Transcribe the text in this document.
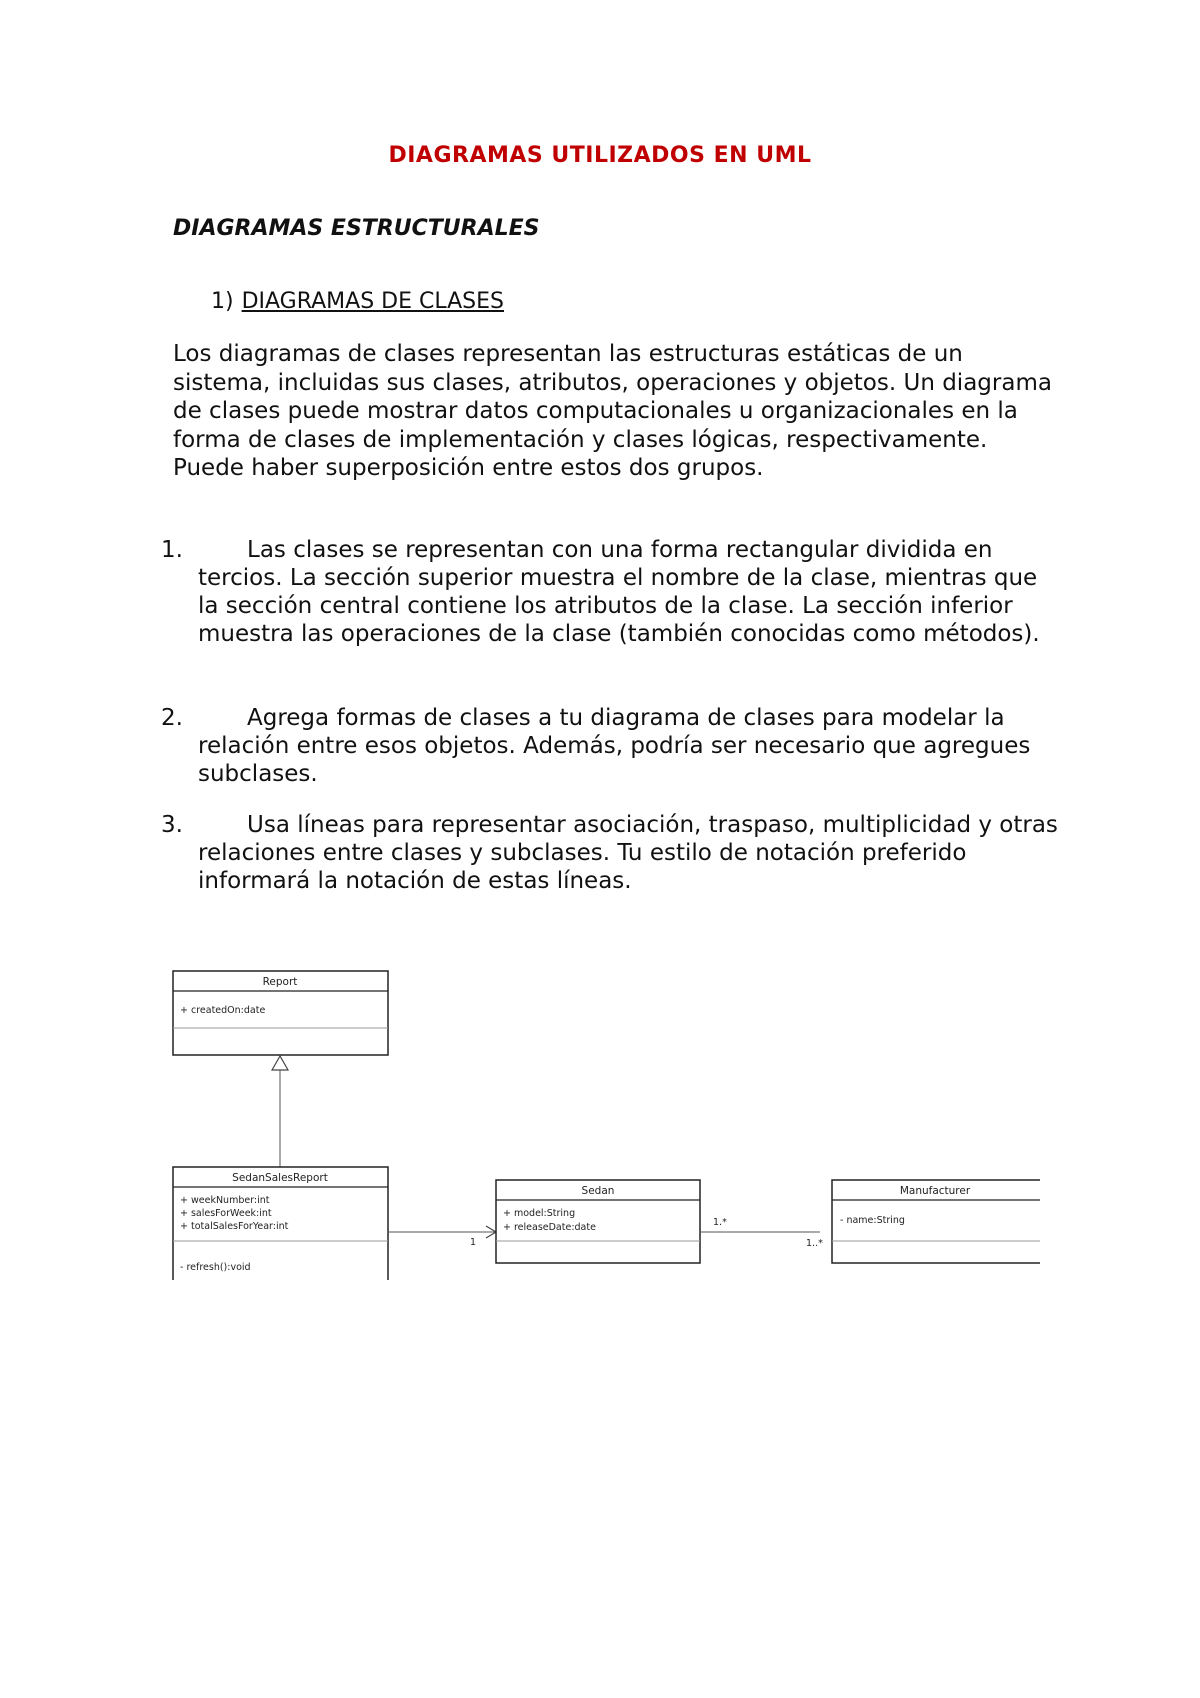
DIAGRAMAS UTILIZADOS EN UML
DIAGRAMAS ESTRUCTURALES
1) DIAGRAMAS DE CLASES

Los diagramas de clases representan las estructuras estáticas de un sistema, incluidas sus clases, atributos, operaciones y objetos. Un diagrama de clases puede mostrar datos computacionales u organizacionales en la forma de clases de implementación y clases lógicas, respectivamente. Puede haber superposición entre estos dos grupos.

1.	Las clases se representan con una forma rectangular dividida en tercios. La sección superior muestra el nombre de la clase, mientras que la sección central contiene los atributos de la clase. La sección inferior muestra las operaciones de la clase (también conocidas como métodos).
2.	Agrega formas de clases a tu diagrama de clases para modelar la relación entre esos objetos. Además, podría ser necesario que agregues subclases.
3.	Usa líneas para representar asociación, traspaso, multiplicidad y otras relaciones entre clases y subclases. Tu estilo de notación preferido informará la notación de estas líneas.
Report
+ createdOn:date
SedanSalesReport
+ weekNumber:int
+ salesForWeek:int
+ totalSalesForYear:int
- refresh():void
1
Sedan
+ model:String
+ releaseDate:date	1.*
1..*
Manufacturer
- name:String
